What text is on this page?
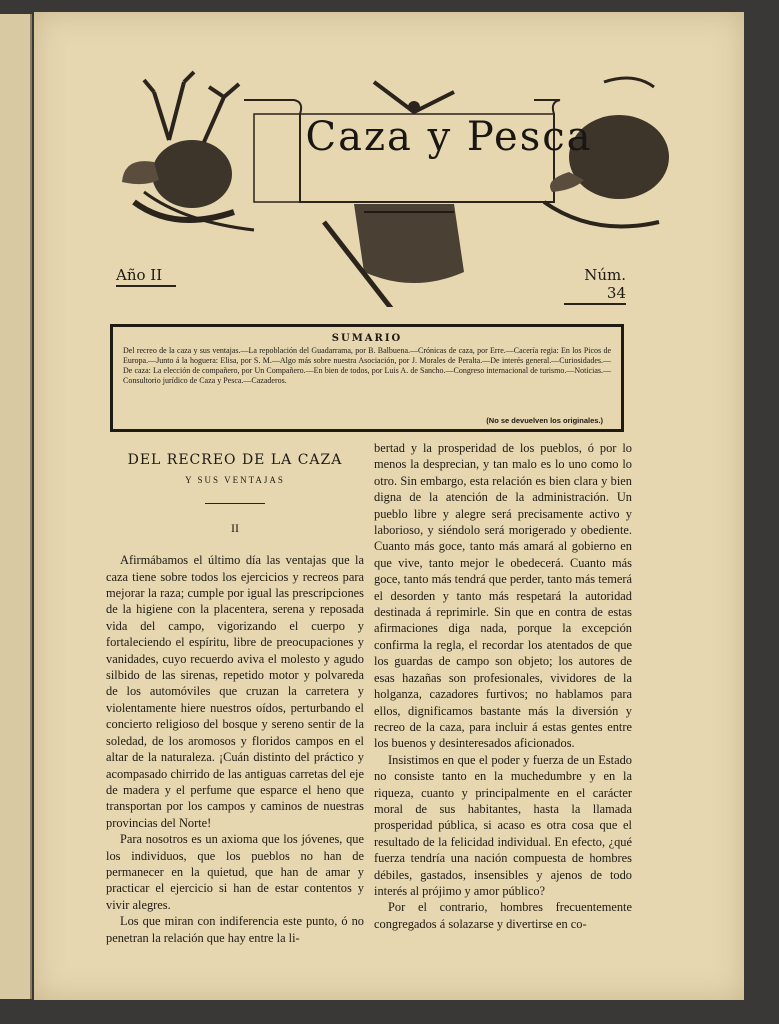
Caza y Pesca
Año II	Núm. 34
SUMARIO
Del recreo de la caza y sus ventajas.—La repoblación del Guadarrama, por B. Balbuena.—Crónicas de caza, por Erre.—Cacería regia: En los Picos de Europa.—Junto á la hoguera: Elisa, por S. M.—Algo más sobre nuestra Asociación, por J. Morales de Peralta.—De interés general.—Curiosidades.—De caza: La elección de compañero, por Un Compañero.—En bien de todos, por Luis A. de Sancho.—Congreso internacional de turismo.—Noticias.—Consultorio jurídico de Caza y Pesca.—Cazaderos.
(No se devuelven los originales.)
DEL RECREO DE LA CAZA
Y SUS VENTAJAS
II

Afirmábamos el último día las ventajas que la caza tiene sobre todos los ejercicios y recreos para mejorar la raza; cumple por igual las prescripciones de la higiene con la placentera, serena y reposada vida del campo, vigorizando el cuerpo y fortaleciendo el espíritu, libre de preocupaciones y vanidades, cuyo recuerdo aviva el molesto y agudo silbido de las sirenas, repetido motor y polvareda de los automóviles que cruzan la carretera y violentamente hiere nuestros oídos, perturbando el concierto religioso del bosque y sereno sentir de la soledad, de los aromosos y floridos campos en el altar de la naturaleza. ¡Cuán distinto del práctico y acompasado chirrido de las antiguas carretas del eje de madera y el perfume que esparce el heno que transportan por los campos y caminos de nuestras provincias del Norte!

Para nosotros es un axioma que los jóvenes, que los individuos, que los pueblos no han de permanecer en la quietud, que han de amar y practicar el ejercicio si han de estar contentos y vivir alegres.

Los que miran con indiferencia este punto, ó no penetran la relación que hay entre la li-

bertad y la prosperidad de los pueblos, ó por lo menos la desprecian, y tan malo es lo uno como lo otro. Sin embargo, esta relación es bien clara y bien digna de la atención de la administración. Un pueblo libre y alegre será precisamente activo y laborioso, y siéndolo será morigerado y obediente. Cuanto más goce, tanto más amará al gobierno en que vive, tanto mejor le obedecerá. Cuanto más goce, tanto más tendrá que perder, tanto más temerá el desorden y tanto más respetará la autoridad destinada á reprimirle. Sin que en contra de estas afirmaciones diga nada, porque la excepción confirma la regla, el recordar los atentados de que los guardas de campo son objeto; los autores de esas hazañas son profesionales, vividores de la holganza, cazadores furtivos; no hablamos para ellos, dignificamos bastante más la diversión y recreo de la caza, para incluir á estas gentes entre los buenos y desinteresados aficionados.

Insistimos en que el poder y fuerza de un Estado no consiste tanto en la muchedumbre y en la riqueza, cuanto y principalmente en el carácter moral de sus habitantes, hasta la llamada prosperidad pública, si acaso es otra cosa que el resultado de la felicidad individual. En efecto, ¿qué fuerza tendría una nación compuesta de hombres débiles, gastados, insensibles y ajenos de todo interés al prójimo y amor público?

Por el contrario, hombres frecuentemente congregados á solazarse y divertirse en co-
